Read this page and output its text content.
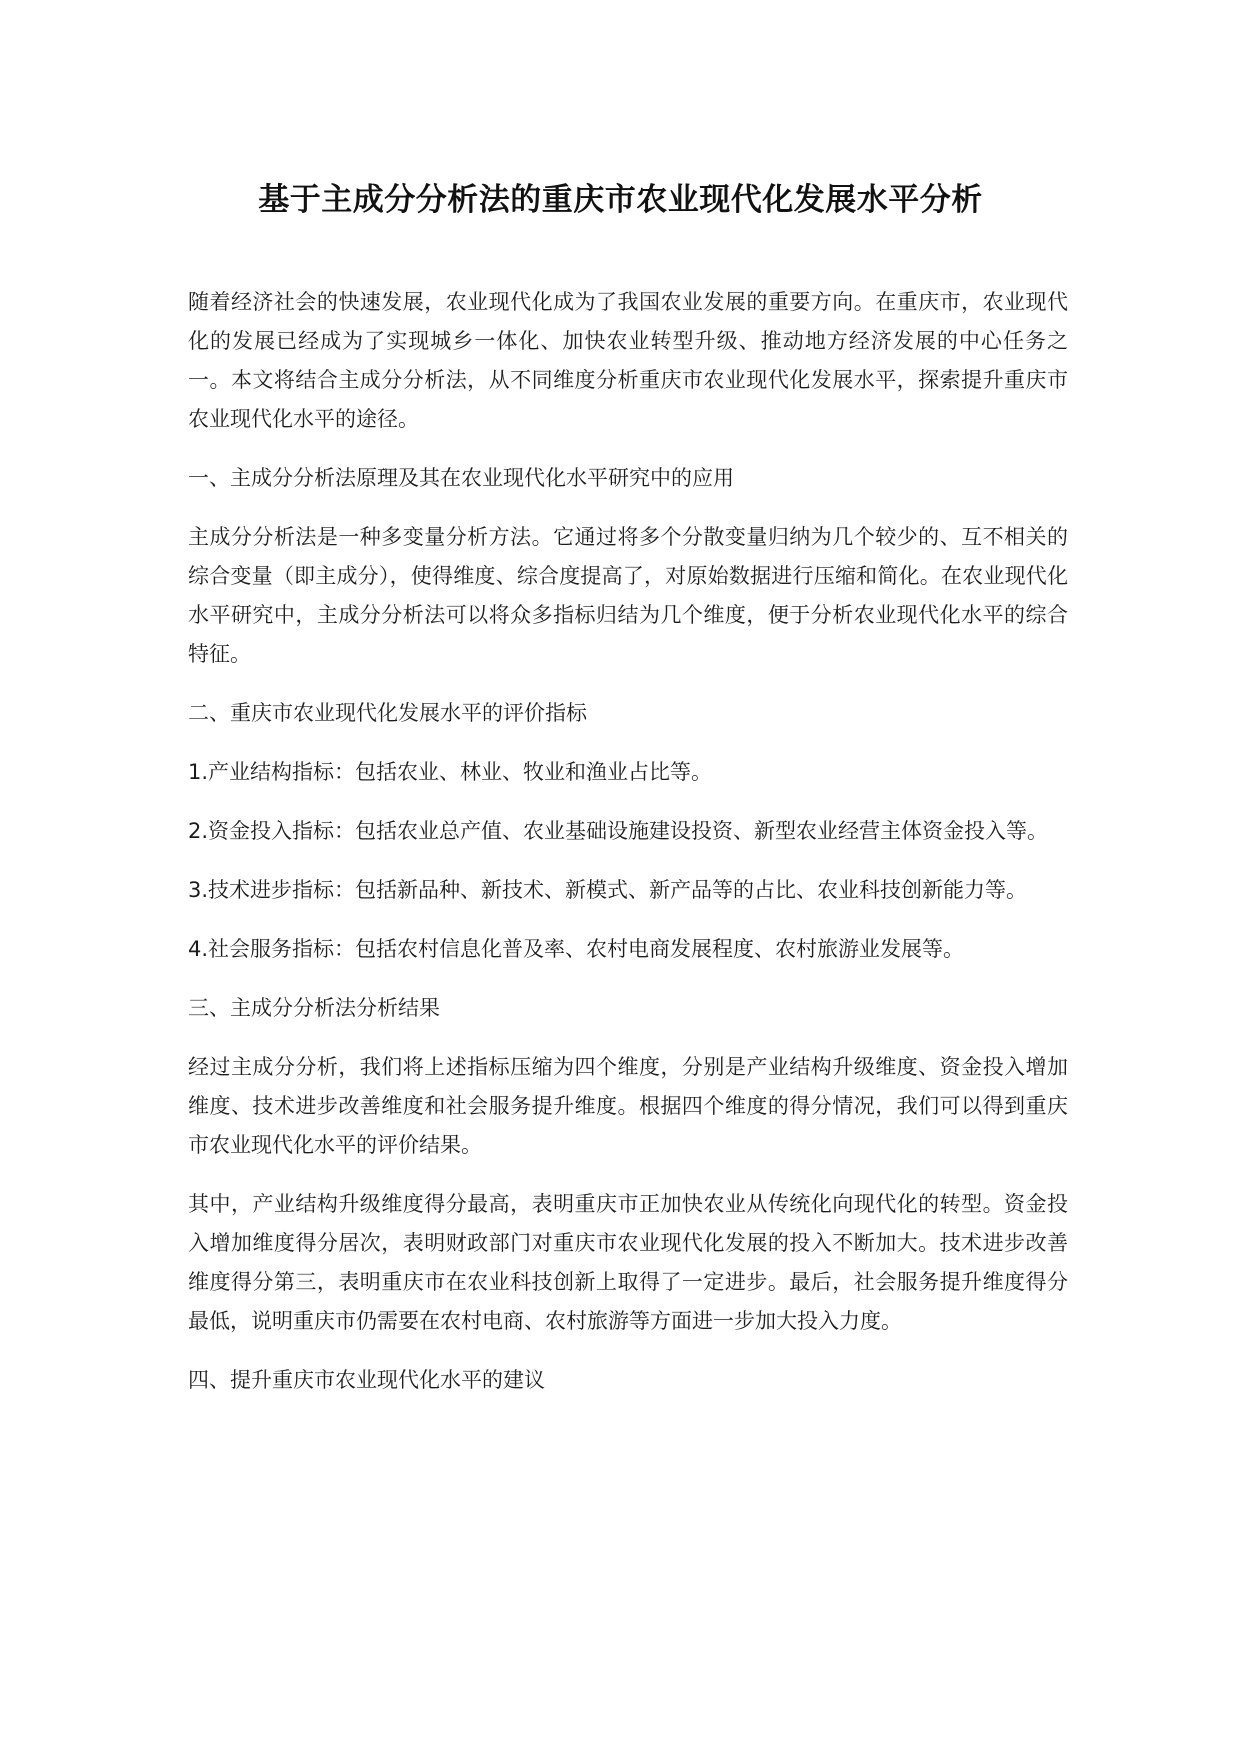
基于主成分分析法的重庆市农业现代化发展水平分析

随着经济社会的快速发展，农业现代化成为了我国农业发展的重要方向。在重庆市，农业现代化的发展已经成为了实现城乡一体化、加快农业转型升级、推动地方经济发展的中心任务之一。本文将结合主成分分析法，从不同维度分析重庆市农业现代化发展水平，探索提升重庆市农业现代化水平的途径。

一、主成分分析法原理及其在农业现代化水平研究中的应用

主成分分析法是一种多变量分析方法。它通过将多个分散变量归纳为几个较少的、互不相关的综合变量（即主成分），使得维度、综合度提高了，对原始数据进行压缩和简化。在农业现代化水平研究中，主成分分析法可以将众多指标归结为几个维度，便于分析农业现代化水平的综合特征。

二、重庆市农业现代化发展水平的评价指标

1.产业结构指标：包括农业、林业、牧业和渔业占比等。

2.资金投入指标：包括农业总产值、农业基础设施建设投资、新型农业经营主体资金投入等。

3.技术进步指标：包括新品种、新技术、新模式、新产品等的占比、农业科技创新能力等。

4.社会服务指标：包括农村信息化普及率、农村电商发展程度、农村旅游业发展等。

三、主成分分析法分析结果

经过主成分分析，我们将上述指标压缩为四个维度，分别是产业结构升级维度、资金投入增加维度、技术进步改善维度和社会服务提升维度。根据四个维度的得分情况，我们可以得到重庆市农业现代化水平的评价结果。

其中，产业结构升级维度得分最高，表明重庆市正加快农业从传统化向现代化的转型。资金投入增加维度得分居次，表明财政部门对重庆市农业现代化发展的投入不断加大。技术进步改善维度得分第三，表明重庆市在农业科技创新上取得了一定进步。最后，社会服务提升维度得分最低，说明重庆市仍需要在农村电商、农村旅游等方面进一步加大投入力度。

四、提升重庆市农业现代化水平的建议
